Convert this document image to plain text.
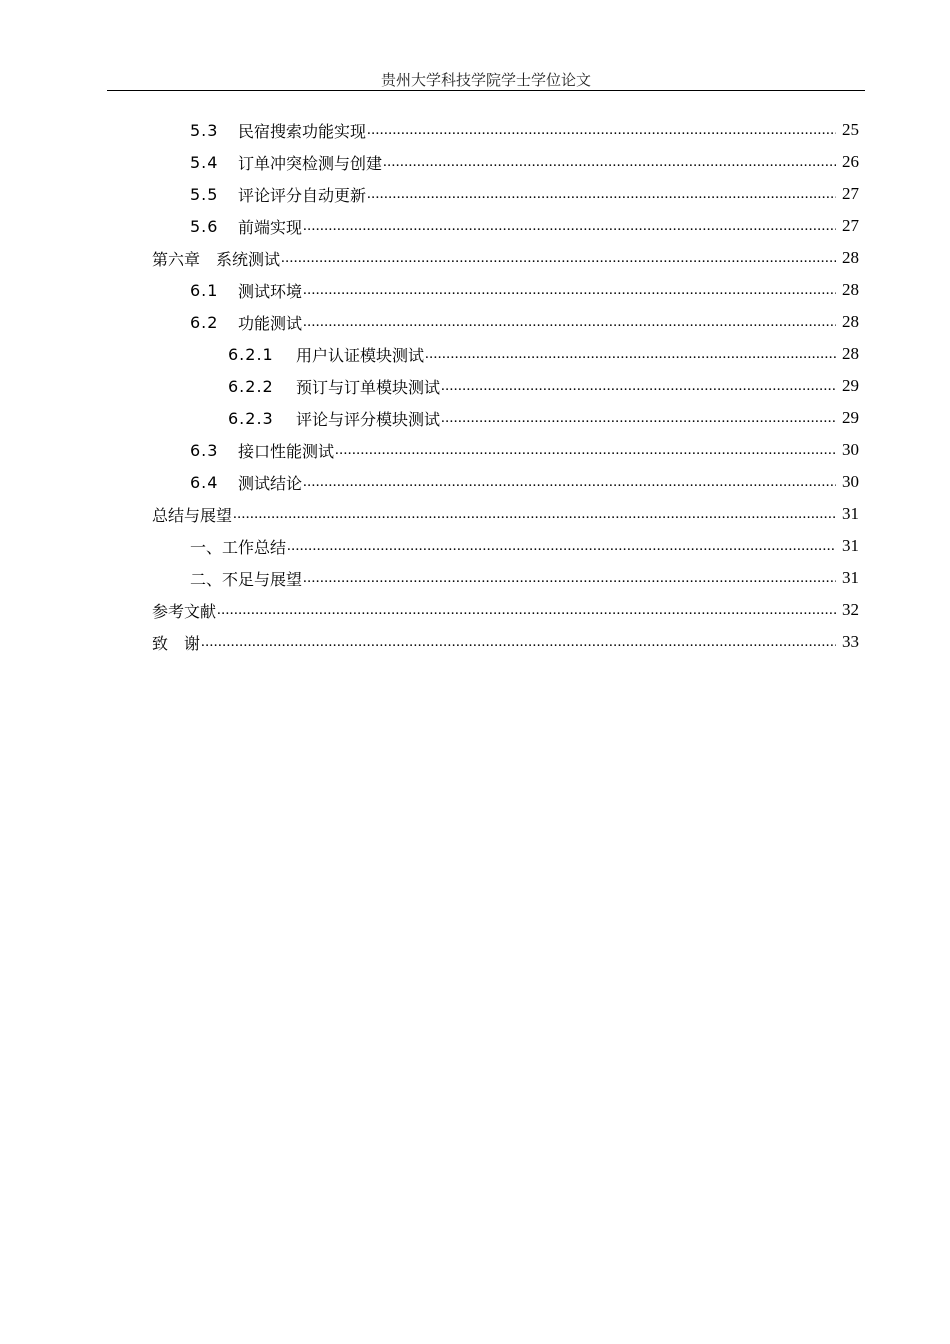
贵州大学科技学院学士学位论文
5.3	民宿搜索功能实现 .....	25
5.4	订单冲突检测与创建 .....	26
5.5	评论评分自动更新 .....	27
5.6	前端实现 .....	27
第六章　系统测试 .....	28
6.1	测试环境 .....	28
6.2	功能测试 .....	28
6.2.1	用户认证模块测试 .....	28
6.2.2	预订与订单模块测试 .....	29
6.2.3	评论与评分模块测试 .....	29
6.3	接口性能测试 .....	30
6.4	测试结论 .....	30
总结与展望 .....	31
一、工作总结 .....	31
二、不足与展望 .....	31
参考文献 .....	32
致　谢 .....	33
